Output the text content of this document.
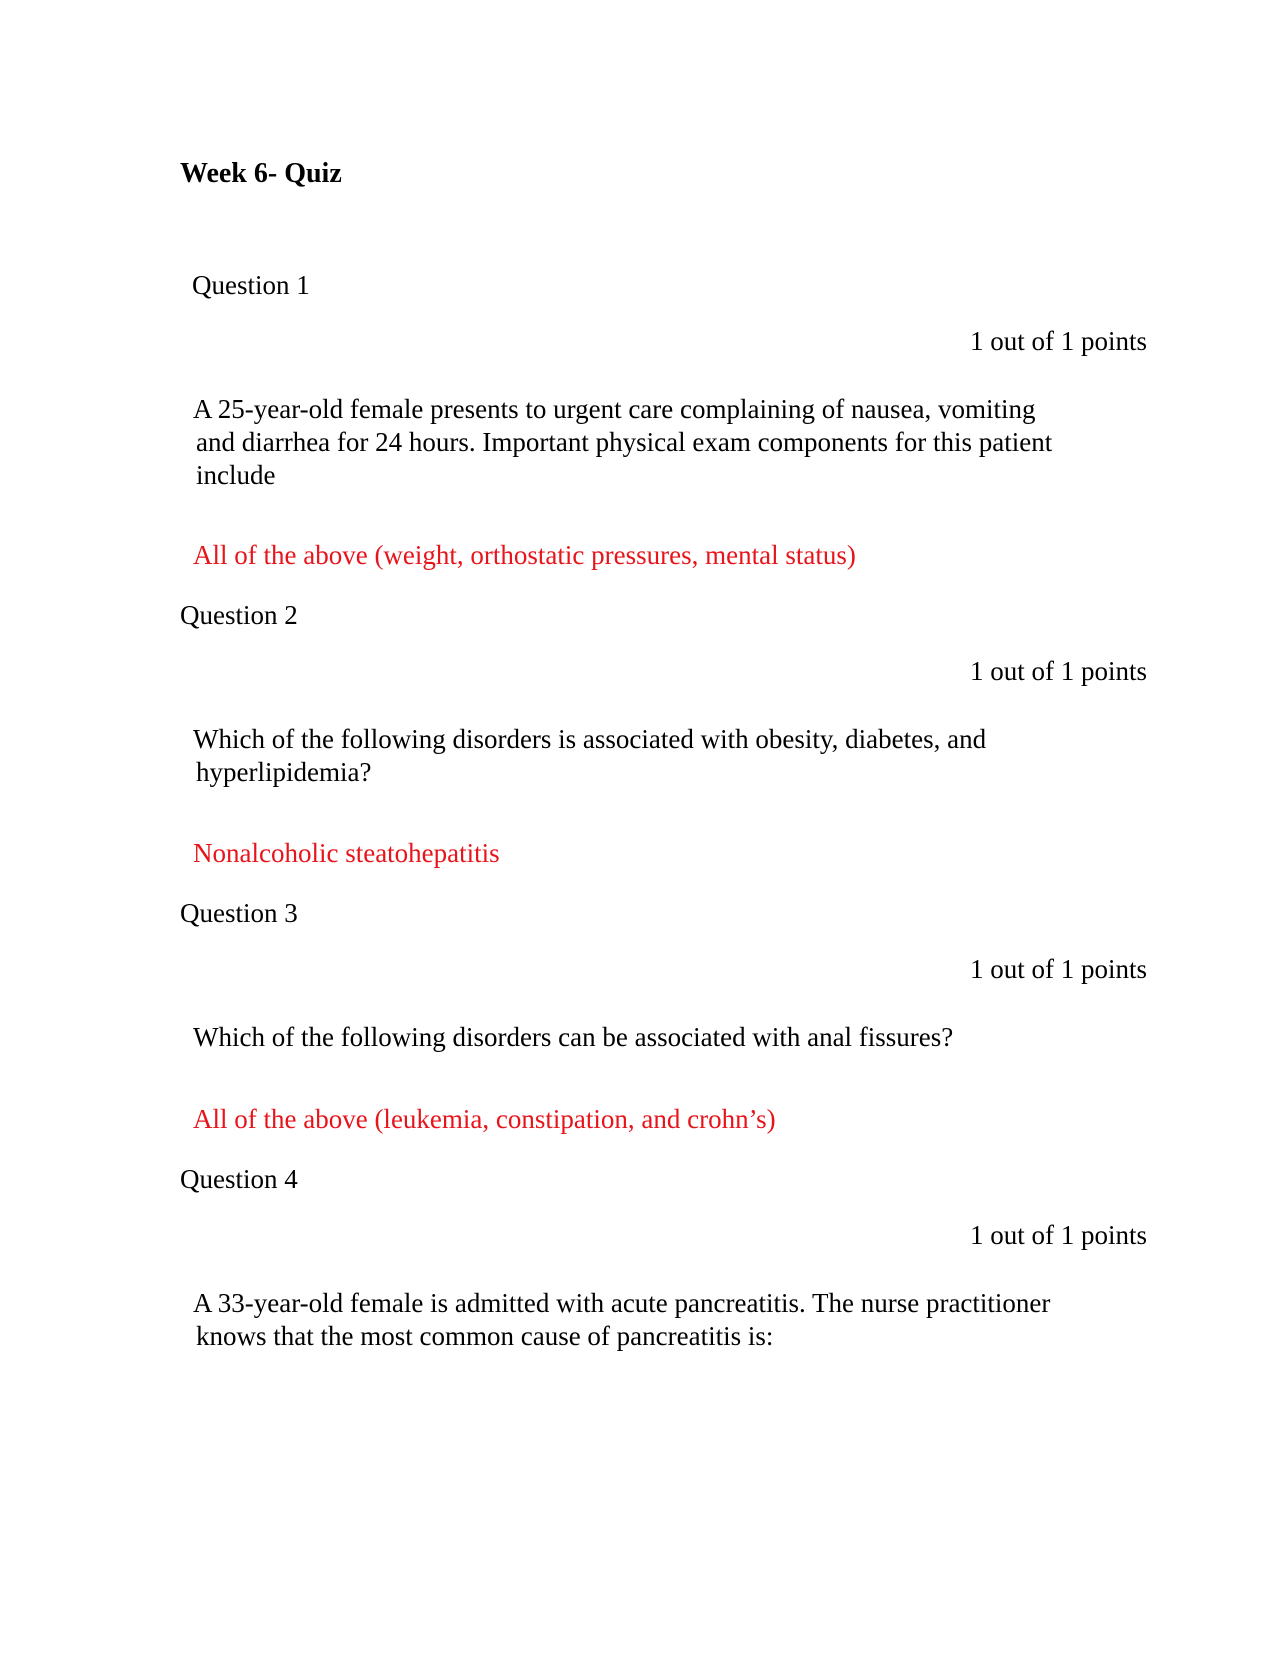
Week 6- Quiz
Question 1
1 out of 1 points
A 25-year-old female presents to urgent care complaining of nausea, vomiting
and diarrhea for 24 hours. Important physical exam components for this patient
include
All of the above (weight, orthostatic pressures, mental status)
Question 2
1 out of 1 points
Which of the following disorders is associated with obesity, diabetes, and
hyperlipidemia?
Nonalcoholic steatohepatitis
Question 3
1 out of 1 points
Which of the following disorders can be associated with anal fissures?
All of the above (leukemia, constipation, and crohn’s)
Question 4
1 out of 1 points
A 33-year-old female is admitted with acute pancreatitis. The nurse practitioner
knows that the most common cause of pancreatitis is:
